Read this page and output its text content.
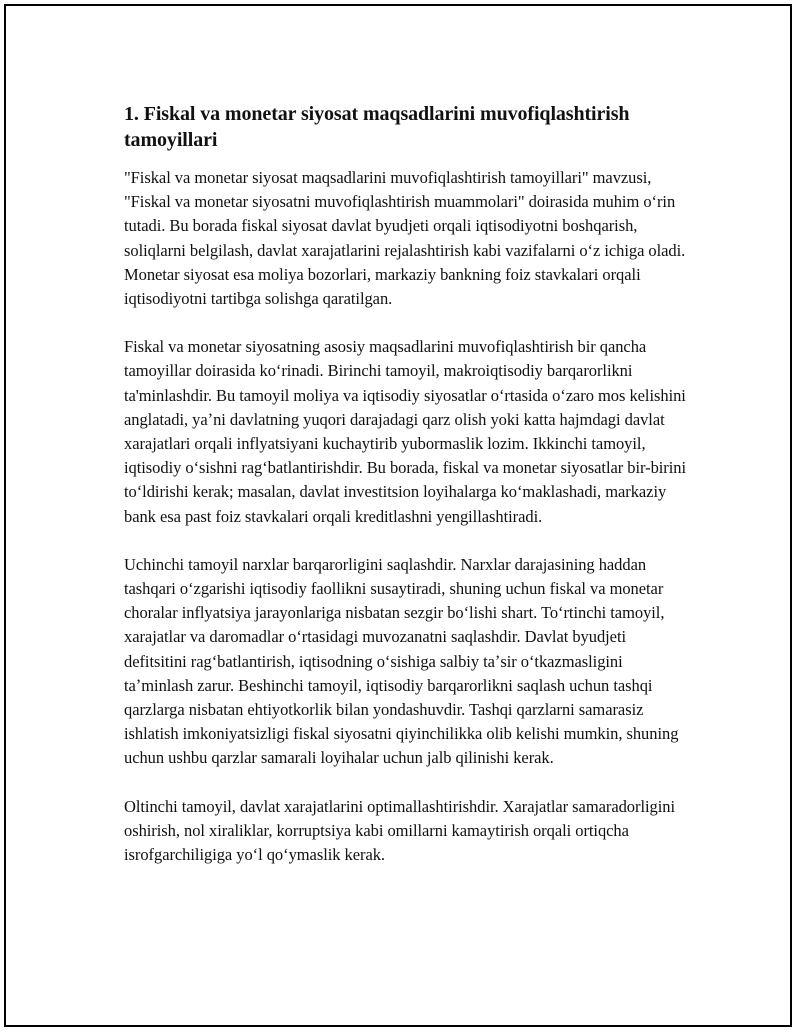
1. Fiskal va monetar siyosat maqsadlarini muvofiqlashtirish tamoyillari

"Fiskal va monetar siyosat maqsadlarini muvofiqlashtirish tamoyillari" mavzusi, "Fiskal va monetar siyosatni muvofiqlashtirish muammolari" doirasida muhim oʻrin tutadi. Bu borada fiskal siyosat davlat byudjeti orqali iqtisodiyotni boshqarish, soliqlarni belgilash, davlat xarajatlarini rejalashtirish kabi vazifalarni oʻz ichiga oladi. Monetar siyosat esa moliya bozorlari, markaziy bankning foiz stavkalari orqali iqtisodiyotni tartibga solishga qaratilgan.

Fiskal va monetar siyosatning asosiy maqsadlarini muvofiqlashtirish bir qancha tamoyillar doirasida koʻrinadi. Birinchi tamoyil, makroiqtisodiy barqarorlikni ta'minlashdir. Bu tamoyil moliya va iqtisodiy siyosatlar oʻrtasida oʻzaro mos kelishini anglatadi, yaʼni davlatning yuqori darajadagi qarz olish yoki katta hajmdagi davlat xarajatlari orqali inflyatsiyani kuchaytirib yubormaslik lozim. Ikkinchi tamoyil, iqtisodiy oʻsishni ragʻbatlantirishdir. Bu borada, fiskal va monetar siyosatlar bir-birini toʻldirishi kerak; masalan, davlat investitsion loyihalarga koʻmaklashadi, markaziy bank esa past foiz stavkalari orqali kreditlashni yengillashtiradi.

Uchinchi tamoyil narxlar barqarorligini saqlashdir. Narxlar darajasining haddan tashqari oʻzgarishi iqtisodiy faollikni susaytiradi, shuning uchun fiskal va monetar choralar inflyatsiya jarayonlariga nisbatan sezgir boʻlishi shart. Toʻrtinchi tamoyil, xarajatlar va daromadlar oʻrtasidagi muvozanatni saqlashdir. Davlat byudjeti defitsitini ragʻbatlantirish, iqtisodning oʻsishiga salbiy taʼsir oʻtkazmasligini taʼminlash zarur. Beshinchi tamoyil, iqtisodiy barqarorlikni saqlash uchun tashqi qarzlarga nisbatan ehtiyotkorlik bilan yondashuvdir. Tashqi qarzlarni samarasiz ishlatish imkoniyatsizligi fiskal siyosatni qiyinchilikka olib kelishi mumkin, shuning uchun ushbu qarzlar samarali loyihalar uchun jalb qilinishi kerak.

Oltinchi tamoyil, davlat xarajatlarini optimallashtirishdir. Xarajatlar samaradorligini oshirish, nol xiraliklar, korruptsiya kabi omillarni kamaytirish orqali ortiqcha isrofgarchiligiga yoʻl qoʻymaslik kerak.
